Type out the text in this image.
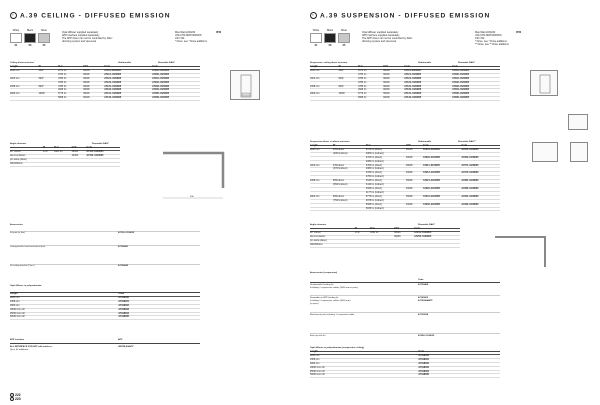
› A.39 CEILING - DIFFUSED EMISSION
White
01
Black
06
Silver
05
Opal diffuser supplied separately
APP interface supplied separately
The APP driver can not be controlled by DALI
dimming system and viceversa
Max Watt 220/240
UNI-CTR-MRT000000S
CR>=90
* Drive: see * Drive additions
IP40
Ceiling direct emission	Undimmable	Dimmable DALI*
Length	W	Flux	CCT	Code	Code
1186 mm	40W	2570 lm	3000K	A7111..01/06/05	A7181..01/06/05
		2763 lm	4000K	A7112..01/06/05	A7182..01/06/05
1822 mm	60W	3780 lm	3000K	A7121..01/06/05	A7191..01/06/05
		3780 lm	4000K	A7122..01/06/05	A7192..01/06/05
2368 mm	80W	4785 lm	3000K	A7131..01/06/05	A7183..01/06/05
		4926 lm	4000K	A7132..01/06/05	A7184..01/06/05
2960 mm	100W	5776 lm	3000K	A7141..01/06/05	A7185..01/06/05
		5908 lm	4000K	A7142..01/06/05	A7186..01/06/05
Angle elements	Dimmable DALI*
	W	Flux	CCT	Code
90° corner	17W	1081 lm	3000K	A7151..01/06/05
direct emission			4000K	A7152..01/06/05
(on same plane)				
300x300mm				
300
Accessories
Kit joint (in line)	A7199..01/06/05
Ceiling bracket and mechanical joint	A7198041
Kit ceiling bracket (2 pcs)	A7198042
Opal diffuser in polycarbonate
Length	Code
1186 mm	A7198030
2368 mm	A7198031
2960 mm	A7198032
18000 mm roll	A7198033
25000 mm roll	A7198034
50000 mm roll	A7198035
APP interface	APP
ALL-INTERFACE FOR APP with wireless
Up to 60 additional
UNITBLE&APP
222
› A.39 SUSPENSION - DIFFUSED EMISSION
White
01
Black
06
Silver
05
Opal diffuser supplied separately
APP interface supplied separately
The APP driver can not be controlled by DALI
dimming system and viceversa
Max Watt 220/240
UNI-CTR-MRT000000S
CR>=90
* Drive: see * Drive additions
** Drive: see ** Drive additions
IP40
Suspension, ceiling direct emission	Undimmable	Dimmable DALI*
Length	W	Flux	CCT	Code	Code
1186 mm	40W	2570 lm	3000K	A7111..01/06/05	A7181..01/06/05
		2763 lm	4000K	A7112..01/06/05	A7182..01/06/05
1822 mm	60W	3780 lm	3000K	A7121..01/06/05	A7191..01/06/05
		3780 lm	4000K	A7122..01/06/05	A7192..01/06/05
2368 mm	80W	4785 lm	3000K	A7131..01/06/05	A7183..01/06/05
		4926 lm	4000K	A7132..01/06/05	A7184..01/06/05
2960 mm	100W	5776 lm	3000K	A7141..01/06/05	A7185..01/06/05
		5908 lm	4000K	A7142..01/06/05	A7186..01/06/05
Suspension direct + indirect emission	Undimmable	Dimmable DALI**
Length	W	Flux	CCT	Code	Code
1186 mm	26W direct	2570 lm (direct)	3000K	A7201..01/06/05	A7261..01/06/05
	(20W indirect)	2080 lm (indirect)			
		2763 lm (direct)	4000K	A7202..01/06/05	A7262..01/06/05
		2080 lm (indirect)			
1822 mm	42W direct	3780 lm (direct)	3000K	A7211..01/06/05	A7271..01/06/05
	(37W indirect)	2080 lm (indirect)			
		3780 lm (direct)	4000K	A7212..01/06/05	A7272..01/06/05
		2760 lm (indirect)			
2368 mm	86W direct	4545 lm (direct)	3000K	A7221..01/06/05	A7281..01/06/05
	(56W indirect)	3410 lm (indirect)			
		4926 lm (direct)	4000K	A7222..01/06/05	A7282..01/06/05
		4177 lm (indirect)			
2960 mm	80W direct	5776 lm (direct)	3000K	A7241..01/06/05	A7291..01/06/05
	(75W indirect)	4878 lm (indirect)			
		5908 lm (direct)	4000K	A7242..01/06/05	A7292..01/06/05
		5035 lm (indirect)			
Angle elements	Dimmable DALI*
	W	Flux	CCT	Code
90° corner	17W	1081 lm	3000K	A7251..01/06/05
direct emission			4000K	A7252..01/06/05
(on same plane)				
300x300mm				
Accessories (suspension)
Code
Unalimitable Feeding kit
Including 2 suspension cables (3000 mm in pairs)
A7199404
Dimmable on APP feeding kit
Including 2 suspension cables (3000 mm)
(in pairs)
A7199903
A7199904APP
Mechanical joint including 1 suspension cable	A7199934
End cap with kit	A7298..01/06/05
Opal diffuser in polycarbonate (suspension, ceiling)
Length	Code
1186 mm	A7198030
2368 mm	A7198031
2960 mm	A7198032
18000 mm roll	A7198033
25000 mm roll	A7198034
50000 mm roll	A7198035
223
